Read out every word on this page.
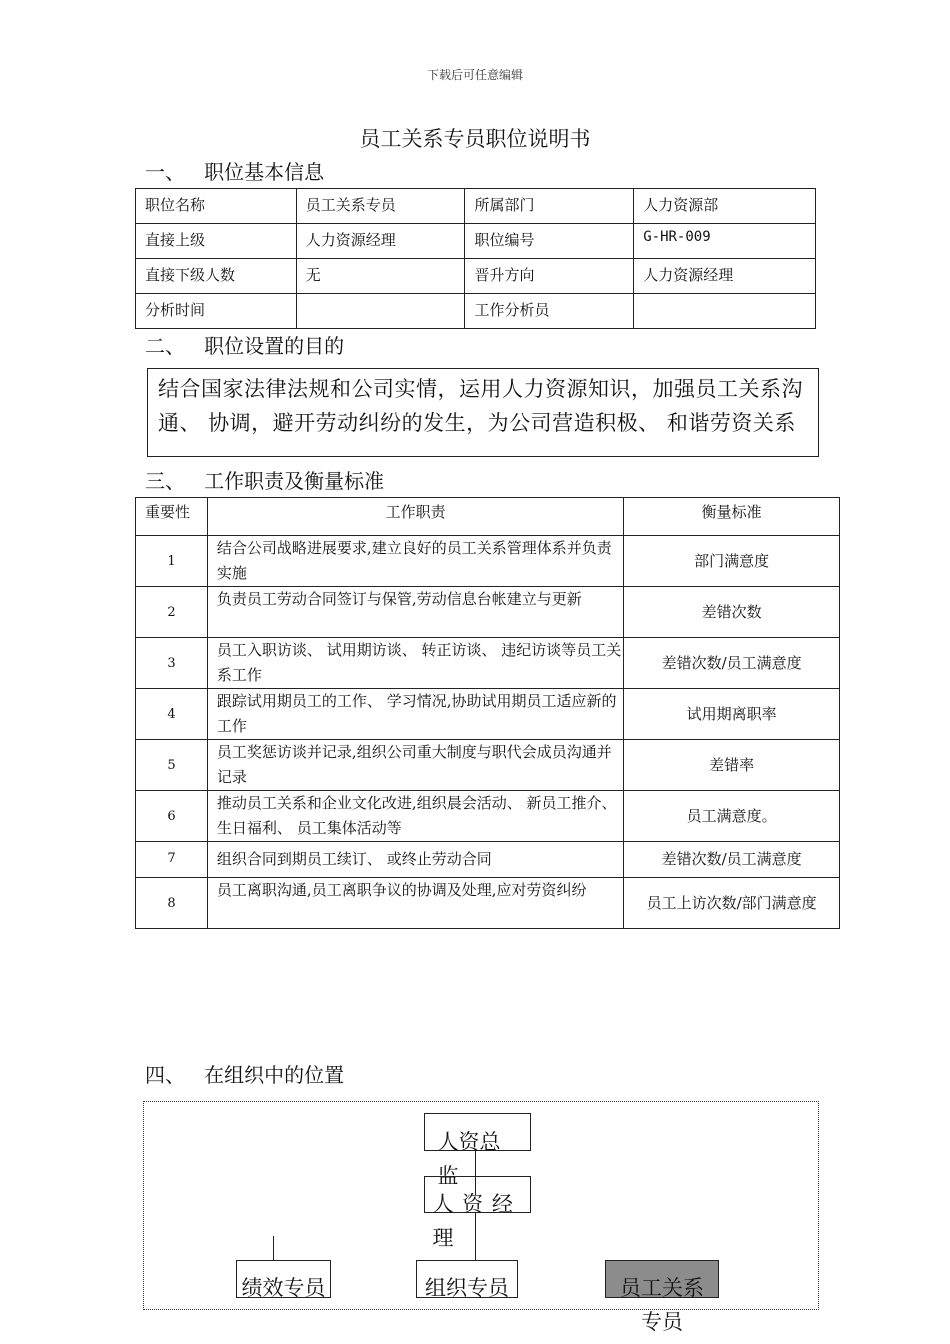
下载后可任意编辑
员工关系专员职位说明书
一、   职位基本信息
职位名称	员工关系专员	所属部门	人力资源部
直接上级	人力资源经理	职位编号	G-HR-009
直接下级人数	无	晋升方向	人力资源经理
分析时间		工作分析员	
二、   职位设置的目的
结合国家法律法规和公司实情，运用人力资源知识，加强员工关系沟通、 协调，避开劳动纠纷的发生，为公司营造积极、 和谐劳资关系
三、   工作职责及衡量标准
重要性	工作职责	衡量标准
1	结合公司战略进展要求,建立良好的员工关系管理体系并负责实施	部门满意度
2	负责员工劳动合同签订与保管,劳动信息台帐建立与更新	差错次数
3	员工入职访谈、 试用期访谈、 转正访谈、 违纪访谈等员工关系工作	差错次数/员工满意度
4	跟踪试用期员工的工作、 学习情况,协助试用期员工适应新的工作	试用期离职率
5	员工奖惩访谈并记录,组织公司重大制度与职代会成员沟通并记录	差错率
6	推动员工关系和企业文化改进,组织晨会活动、 新员工推介、 生日福利、 员工集体活动等	员工满意度。
7	组织合同到期员工续订、 或终止劳动合同	差错次数/员工满意度
8	员工离职沟通,员工离职争议的协调及处理,应对劳资纠纷	员工上访次数/部门满意度
四、   在组织中的位置
人资总监
人 资 经 理
绩效专员	组织专员	员工关系专员
